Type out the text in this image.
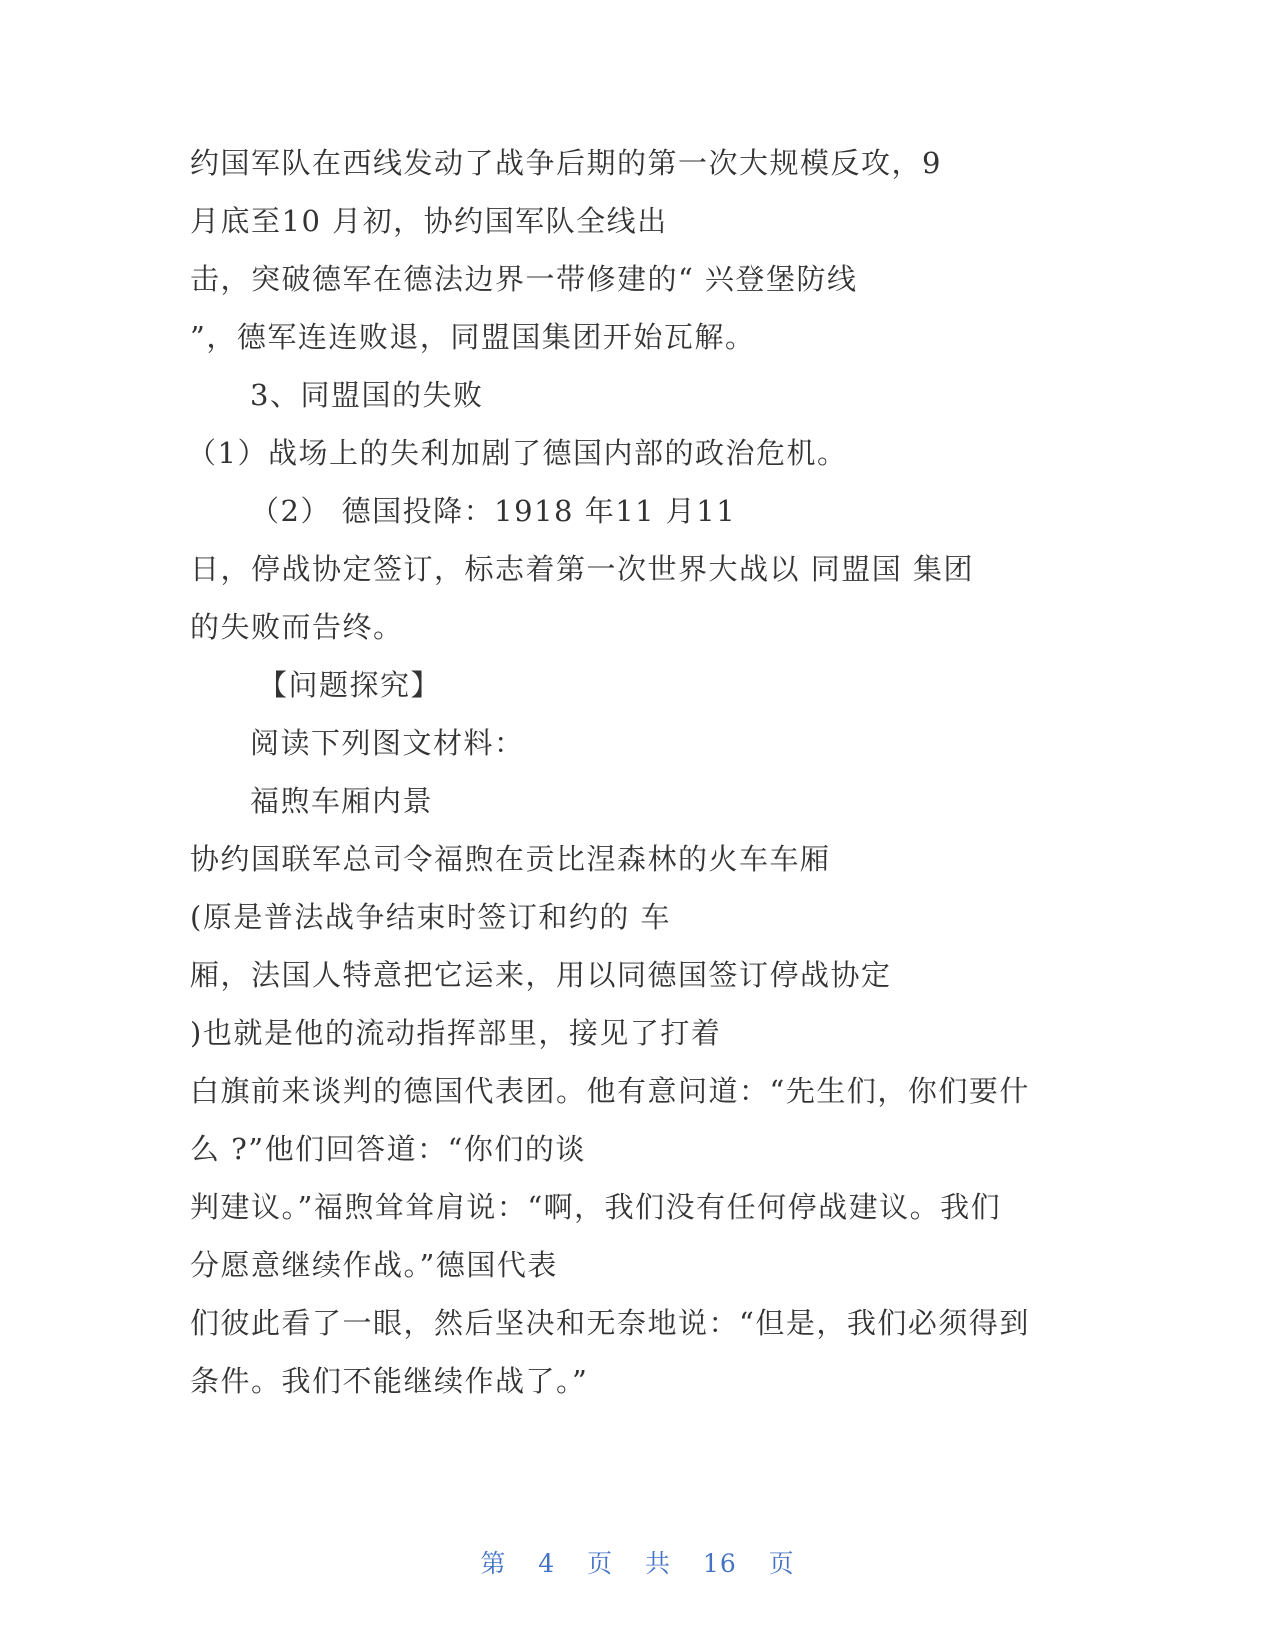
约国军队在西线发动了战争后期的第一次大规模反攻，9
月底至10 月初，协约国军队全线出
击，突破德军在德法边界一带修建的“ 兴登堡防线
”，德军连连败退，同盟国集团开始瓦解。
3、同盟国的失败
（1）战场上的失利加剧了德国内部的政治危机。
（2） 德国投降：1918 年11 月11
日，停战协定签订，标志着第一次世界大战以 同盟国 集团
的失败而告终。
【问题探究】
阅读下列图文材料：
福煦车厢内景
协约国联军总司令福煦在贡比涅森林的火车车厢
(原是普法战争结束时签订和约的 车
厢，法国人特意把它运来，用以同德国签订停战协定
)也就是他的流动指挥部里，接见了打着
白旗前来谈判的德国代表团。他有意问道：“先生们，你们要什
么 ?”他们回答道：“你们的谈
判建议。”福煦耸耸肩说：“啊，我们没有任何停战建议。我们
分愿意继续作战。”德国代表
们彼此看了一眼，然后坚决和无奈地说：“但是，我们必须得到
条件。我们不能继续作战了。”
第 4 页 共 16 页
